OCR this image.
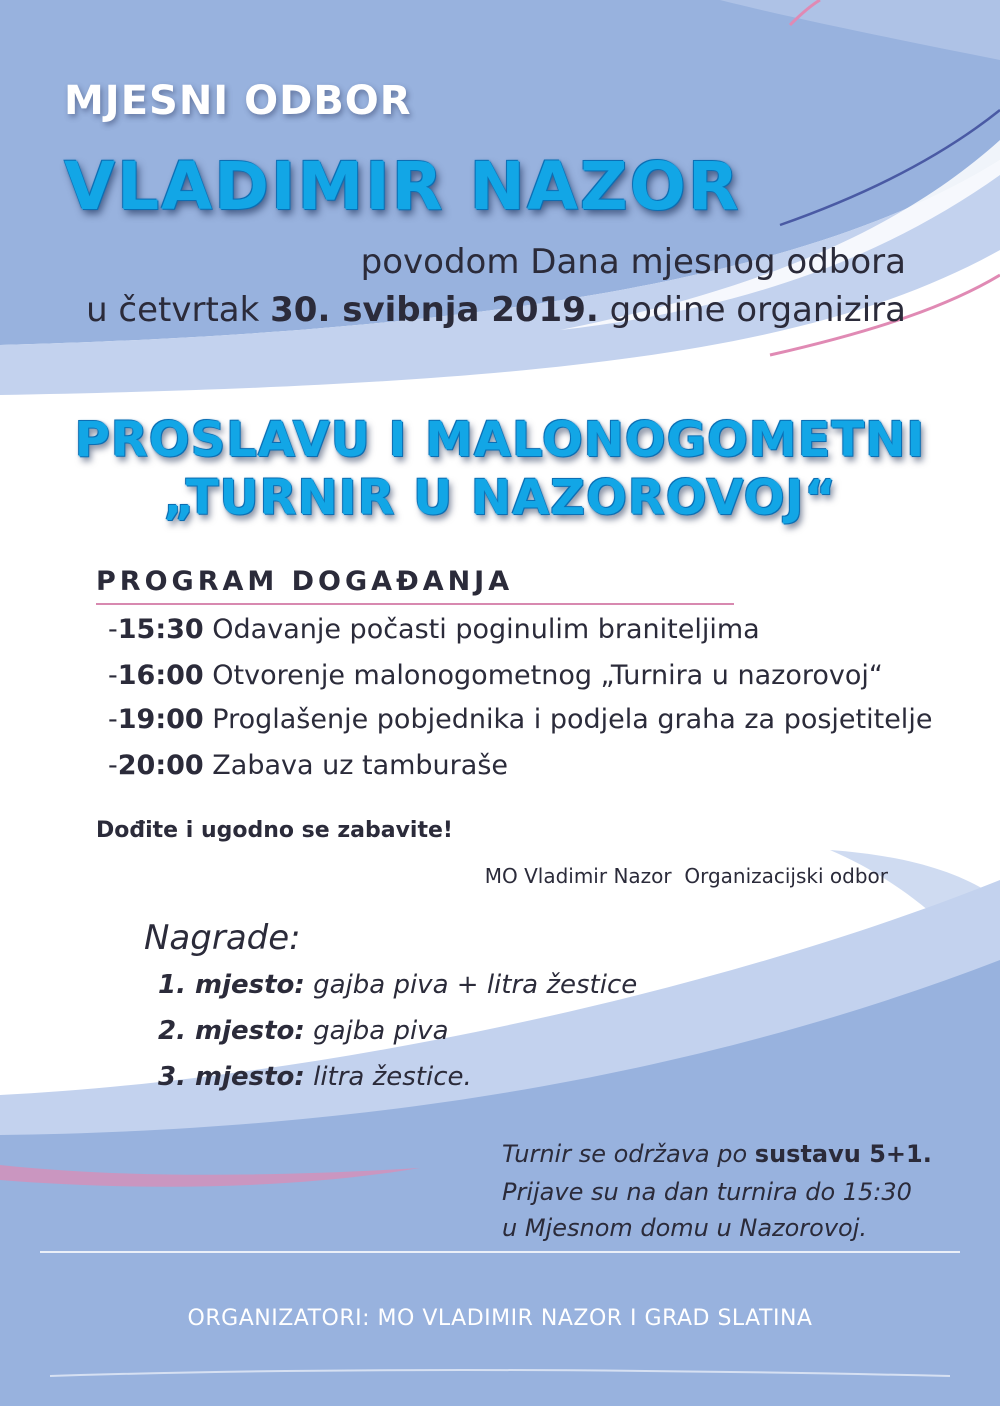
MJESNI ODBOR
VLADIMIR NAZOR
povodom Dana mjesnog odbora
u četvrtak 30. svibnja 2019. godine organizira
PROSLAVU I MALONOGOMETNI
„TURNIR U NAZOROVOJ“
PROGRAM DOGAĐANJA
-15:30 Odavanje počasti poginulim braniteljima
-16:00 Otvorenje malonogometnog „Turnira u nazorovoj“
-19:00 Proglašenje pobjednika i podjela graha za posjetitelje
-20:00 Zabava uz tamburaše
Dođite i ugodno se zabavite!
MO Vladimir Nazor  Organizacijski odbor
Nagrade:
1. mjesto: gajba piva + litra žestice
2. mjesto: gajba piva
3. mjesto: litra žestice.
Turnir se održava po sustavu 5+1.
Prijave su na dan turnira do 15:30
u Mjesnom domu u Nazorovoj.
ORGANIZATORI: MO VLADIMIR NAZOR I GRAD SLATINA
